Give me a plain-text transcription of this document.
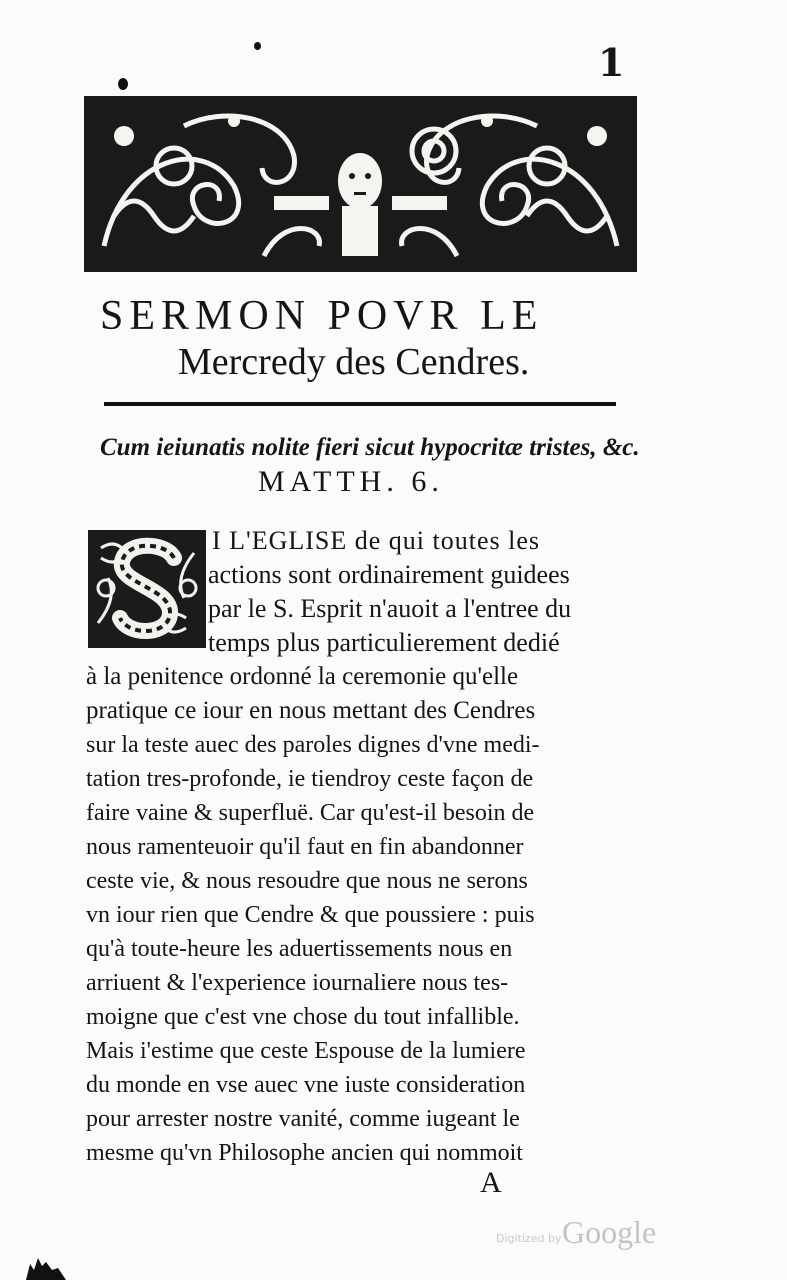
1
SERMON POVR LE
Mercredy des Cendres.
Cum ieiunatis nolite fieri sicut hypocritæ tristes, &c.
MATTH. 6.
I L'EGLISE de qui toutes les
actions sont ordinairement guidees
par le S. Esprit n'auoit a l'entree du
temps plus particulierement dedié
à la penitence ordonné la ceremonie qu'elle
pratique ce iour en nous mettant des Cendres
sur la teste auec des paroles dignes d'vne medi-
tation tres-profonde, ie tiendroy ceste façon de
faire vaine & superfluë. Car qu'est-il besoin de
nous ramenteuoir qu'il faut en fin abandonner
ceste vie, & nous resoudre que nous ne serons
vn iour rien que Cendre & que poussiere : puis
qu'à toute-heure les aduertissements nous en
arriuent & l'experience iournaliere nous tes-
moigne que c'est vne chose du tout infallible.
Mais i'estime que ceste Espouse de la lumiere
du monde en vse auec vne iuste consideration
pour arrester nostre vanité, comme iugeant le
mesme qu'vn Philosophe ancien qui nommoit
A
Digitized by Google
